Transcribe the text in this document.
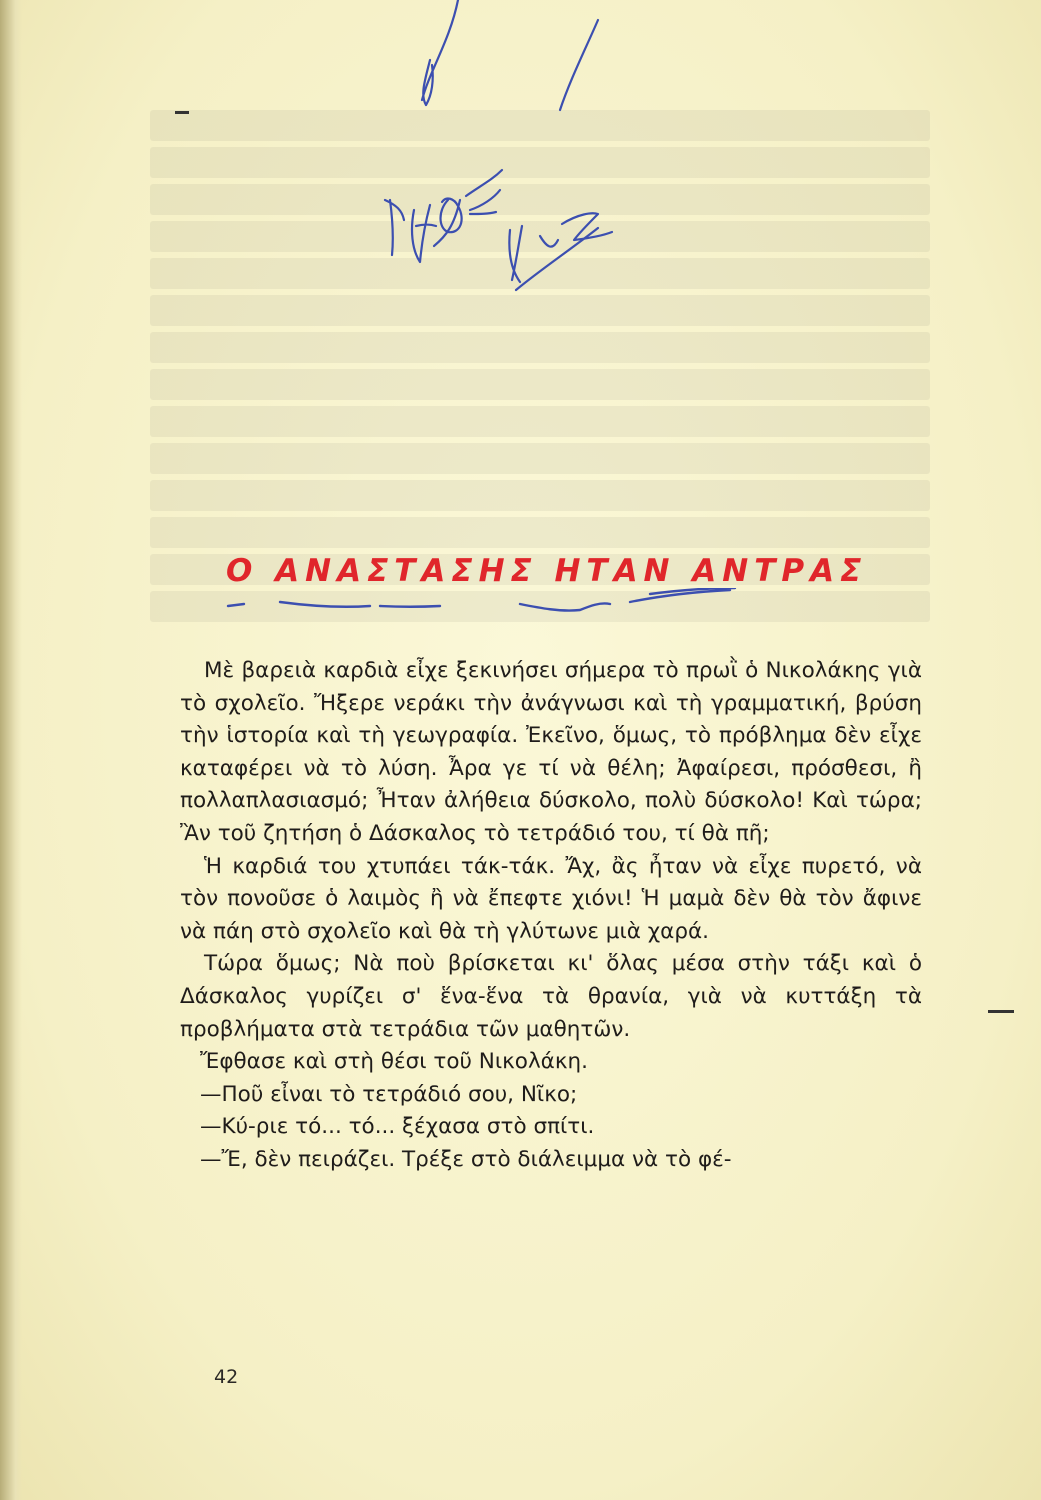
Ο ΑΝΑΣΤΑΣΗΣ ΗΤΑΝ ΑΝΤΡΑΣ

Μὲ βαρειὰ καρδιὰ εἶχε ξεκινήσει σήμερα τὸ πρωῒ ὁ Νικολάκης γιὰ τὸ σχολεῖο. Ἤξερε νεράκι τὴν ἀνάγνωσι καὶ τὴ γραμματική, βρύση τὴν ἱστορία καὶ τὴ γεωγραφία. Ἐκεῖνο, ὅμως, τὸ πρόβλημα δὲν εἶχε καταφέρει νὰ τὸ λύση. Ἆρα γε τί νὰ θέλη; Ἀφαίρεσι, πρόσθεσι, ἢ πολλαπλασιασμό; Ἦταν ἀλήθεια δύσκολο, πολὺ δύσκολο! Καὶ τώρα; Ἂν τοῦ ζητήση ὁ Δάσκαλος τὸ τετράδιό του, τί θὰ πῆ;

Ἡ καρδιά του χτυπάει τάκ-τάκ. Ἄχ, ἂς ἦταν νὰ εἶχε πυρετό, νὰ τὸν πονοῦσε ὁ λαιμὸς ἢ νὰ ἔπεφτε χιόνι! Ἡ μαμὰ δὲν θὰ τὸν ἄφινε νὰ πάη στὸ σχολεῖο καὶ θὰ τὴ γλύτωνε μιὰ χαρά.

Τώρα ὅμως; Νὰ ποὺ βρίσκεται κι' ὅλας μέσα στὴν τάξι καὶ ὁ Δάσκαλος γυρίζει σ' ἕνα-ἕνα τὰ θρανία, γιὰ νὰ κυττάξη τὰ προβλήματα στὰ τετράδια τῶν μαθητῶν.

Ἔφθασε καὶ στὴ θέσι τοῦ Νικολάκη.

—Ποῦ εἶναι τὸ τετράδιό σου, Νῖκο;

—Κύ-ριε τό... τό... ξέχασα στὸ σπίτι.

—Ἔ, δὲν πειράζει. Τρέξε στὸ διάλειμμα νὰ τὸ φέ-

42
